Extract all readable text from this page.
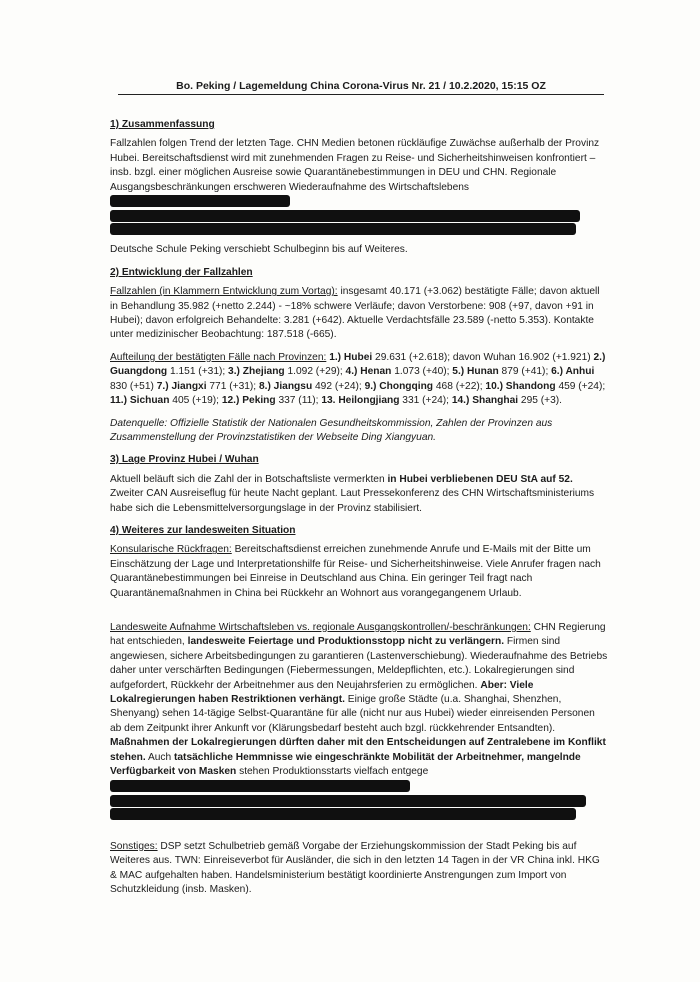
Bo. Peking / Lagemeldung China Corona-Virus Nr. 21 / 10.2.2020, 15:15 OZ
1) Zusammenfassung

Fallzahlen folgen Trend der letzten Tage. CHN Medien betonen rückläufige Zuwächse außerhalb der Provinz Hubei. Bereitschaftsdienst wird mit zunehmenden Fragen zu Reise- und Sicherheitshinweisen konfrontiert – insb. bzgl. einer möglichen Ausreise sowie Quarantänebestimmungen in DEU und CHN. Regionale Ausgangsbeschränkungen erschweren Wiederaufnahme des Wirtschaftslebens

Deutsche Schule Peking verschiebt Schulbeginn bis auf Weiteres.

2) Entwicklung der Fallzahlen

Fallzahlen (in Klammern Entwicklung zum Vortag): insgesamt 40.171 (+3.062) bestätigte Fälle; davon aktuell in Behandlung 35.982 (+netto 2.244) - ~18% schwere Verläufe; davon Verstorbene: 908 (+97, davon +91 in Hubei); davon erfolgreich Behandelte: 3.281 (+642). Aktuelle Verdachtsfälle 23.589 (-netto 5.353). Kontakte unter medizinischer Beobachtung: 187.518 (-665).

Aufteilung der bestätigten Fälle nach Provinzen: 1.) Hubei 29.631 (+2.618); davon Wuhan 16.902 (+1.921) 2.) Guangdong 1.151 (+31); 3.) Zhejiang 1.092 (+29); 4.) Henan 1.073 (+40); 5.) Hunan 879 (+41); 6.) Anhui 830 (+51) 7.) Jiangxi 771 (+31); 8.) Jiangsu 492 (+24); 9.) Chongqing 468 (+22); 10.) Shandong 459 (+24); 11.) Sichuan 405 (+19); 12.) Peking 337 (11); 13. Heilongjiang 331 (+24); 14.) Shanghai 295 (+3).

Datenquelle: Offizielle Statistik der Nationalen Gesundheitskommission, Zahlen der Provinzen aus Zusammenstellung der Provinzstatistiken der Webseite Ding Xiangyuan.

3) Lage Provinz Hubei / Wuhan

Aktuell beläuft sich die Zahl der in Botschaftsliste vermerkten in Hubei verbliebenen DEU StA auf 52. Zweiter CAN Ausreiseflug für heute Nacht geplant. Laut Pressekonferenz des CHN Wirtschaftsministeriums habe sich die Lebensmittelversorgungslage in der Provinz stabilisiert.

4) Weiteres zur landesweiten Situation

Konsularische Rückfragen: Bereitschaftsdienst erreichen zunehmende Anrufe und E-Mails mit der Bitte um Einschätzung der Lage und Interpretationshilfe für Reise- und Sicherheitshinweise. Viele Anrufer fragen nach Quarantänebestimmungen bei Einreise in Deutschland aus China. Ein geringer Teil fragt nach Quarantänemaßnahmen in China bei Rückkehr an Wohnort aus vorangegangenem Urlaub.

Landesweite Aufnahme Wirtschaftsleben vs. regionale Ausgangskontrollen/-beschränkungen: CHN Regierung hat entschieden, landesweite Feiertage und Produktionsstopp nicht zu verlängern. Firmen sind angewiesen, sichere Arbeitsbedingungen zu garantieren (Lastenverschiebung). Wiederaufnahme des Betriebs daher unter verschärften Bedingungen (Fiebermessungen, Meldepflichten, etc.). Lokalregierungen sind aufgefordert, Rückkehr der Arbeitnehmer aus den Neujahrsferien zu ermöglichen. Aber: Viele Lokalregierungen haben Restriktionen verhängt. Einige große Städte (u.a. Shanghai, Shenzhen, Shenyang) sehen 14-tägige Selbst-Quarantäne für alle (nicht nur aus Hubei) wieder einreisenden Personen ab dem Zeitpunkt ihrer Ankunft vor (Klärungsbedarf besteht auch bzgl. rückkehrender Entsandten). Maßnahmen der Lokalregierungen dürften daher mit den Entscheidungen auf Zentralebene im Konflikt stehen. Auch tatsächliche Hemmnisse wie eingeschränkte Mobilität der Arbeitnehmer, mangelnde Verfügbarkeit von Masken stehen Produktionsstarts vielfach entgege

Sonstiges: DSP setzt Schulbetrieb gemäß Vorgabe der Erziehungskommission der Stadt Peking bis auf Weiteres aus. TWN: Einreiseverbot für Ausländer, die sich in den letzten 14 Tagen in der VR China inkl. HKG & MAC aufgehalten haben. Handelsministerium bestätigt koordinierte Anstrengungen zum Import von Schutzkleidung (insb. Masken).
